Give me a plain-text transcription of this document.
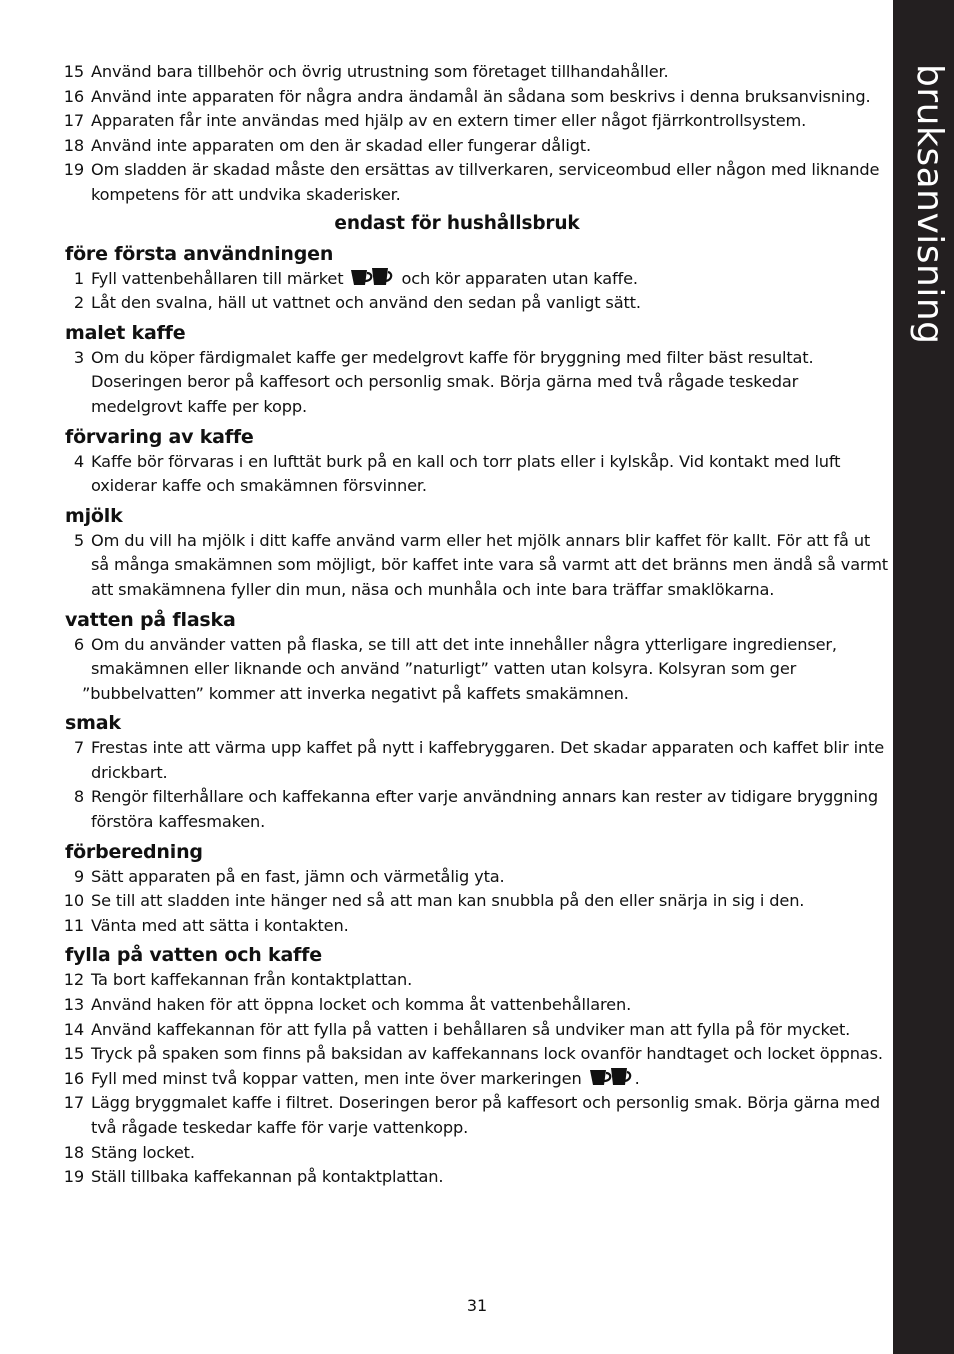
bruksanvisning
15 Använd bara tillbehör och övrig utrustning som företaget tillhandahåller.
16 Använd inte apparaten för några andra ändamål än sådana som beskrivs i denna bruksanvisning.
17 Apparaten får inte användas med hjälp av en extern timer eller något fjärrkontrollsystem.
18 Använd inte apparaten om den är skadad eller fungerar dåligt.
19 Om sladden är skadad måste den ersättas av tillverkaren, serviceombud eller någon med liknande kompetens för att undvika skaderisker.
endast för hushållsbruk
före första användningen
1 Fyll vattenbehållaren till märket	och kör apparaten utan kaffe.
2 Låt den svalna, häll ut vattnet och använd den sedan på vanligt sätt.
malet kaffe
3 Om du köper färdigmalet kaffe ger medelgrovt kaffe för bryggning med filter bäst resultat. Doseringen beror på kaffesort och personlig smak. Börja gärna med två rågade teskedar medelgrovt kaffe per kopp.
förvaring av kaffe
4 Kaffe bör förvaras i en lufttät burk på en kall och torr plats eller i kylskåp. Vid kontakt med luft oxiderar kaffe och smakämnen försvinner.
mjölk
5 Om du vill ha mjölk i ditt kaffe använd varm eller het mjölk annars blir kaffet för kallt. För att få ut så många smakämnen som möjligt, bör kaffet inte vara så varmt att det bränns men ändå så varmt att smakämnena fyller din mun, näsa och munhåla och inte bara träffar smaklökarna.
vatten på flaska
6 Om du använder vatten på flaska, se till att det inte innehåller några ytterligare ingredienser,
smakämnen eller liknande och använd ”naturligt” vatten utan kolsyra. Kolsyran som ger
”bubbelvatten” kommer att inverka negativt på kaffets smakämnen.
smak
7 Frestas inte att värma upp kaffet på nytt i kaffebryggaren. Det skadar apparaten och kaffet blir inte drickbart.
8 Rengör filterhållare och kaffekanna efter varje användning annars kan rester av tidigare bryggning förstöra kaffesmaken.
förberedning
9 Sätt apparaten på en fast, jämn och värmetålig yta.
10 Se till att sladden inte hänger ned så att man kan snubbla på den eller snärja in sig i den.
11 Vänta med att sätta i kontakten.
fylla på vatten och kaffe
12 Ta bort kaffekannan från kontaktplattan.
13 Använd haken för att öppna locket och komma åt vattenbehållaren.
14 Använd kaffekannan för att fylla på vatten i behållaren så undviker man att fylla på för mycket.
15 Tryck på spaken som finns på baksidan av kaffekannans lock ovanför handtaget och locket öppnas.
16 Fyll med minst två koppar vatten, men inte över markeringen	.
17 Lägg bryggmalet kaffe i filtret. Doseringen beror på kaffesort och personlig smak. Börja gärna med två rågade teskedar kaffe för varje vattenkopp.
18 Stäng locket.
19 Ställ tillbaka kaffekannan på kontaktplattan.
31
